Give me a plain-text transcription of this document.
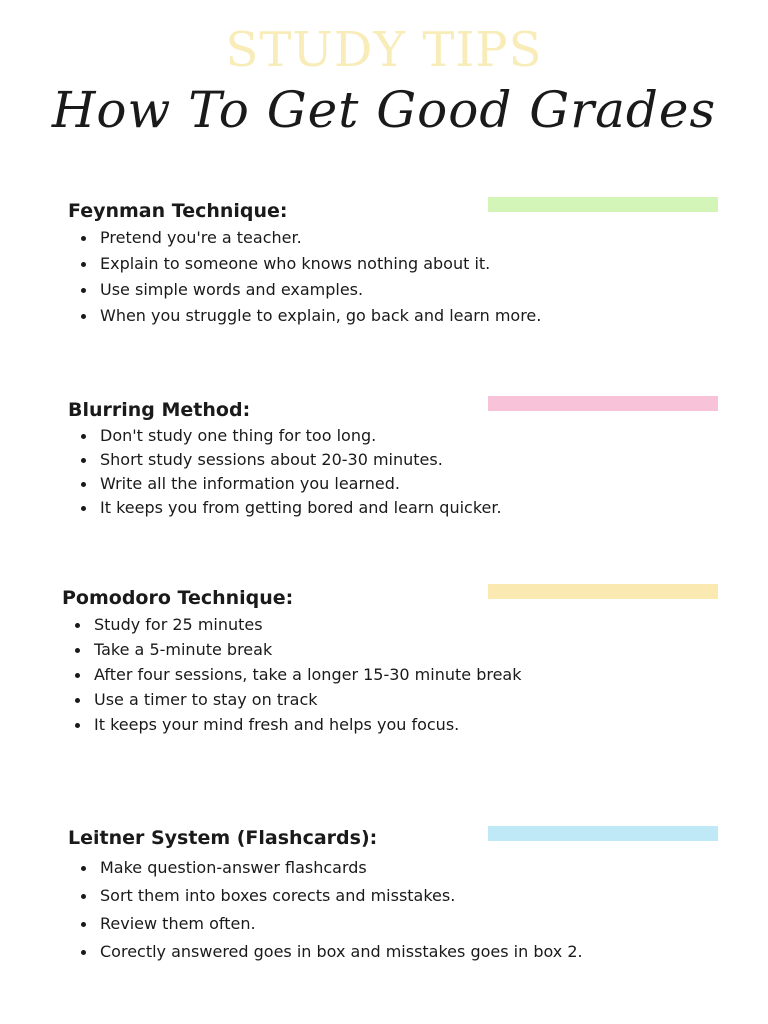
STUDY TIPS
How To Get Good Grades
Feynman Technique:
Pretend you're a teacher.
Explain to someone who knows nothing about it.
Use simple words and examples.
When you struggle to explain, go back and learn more.
Blurring Method:
Don't study one thing for too long.
Short study sessions about 20-30 minutes.
Write all the information you learned.
It keeps you from getting bored and learn quicker.
Pomodoro Technique:
Study for 25 minutes
Take a 5-minute break
After four sessions, take a longer 15-30 minute break
Use a timer to stay on track
It keeps your mind fresh and helps you focus.
Leitner System (Flashcards):
Make question-answer flashcards
Sort them into boxes corects and misstakes.
Review them often.
Corectly answered goes in box and misstakes goes in box 2.
